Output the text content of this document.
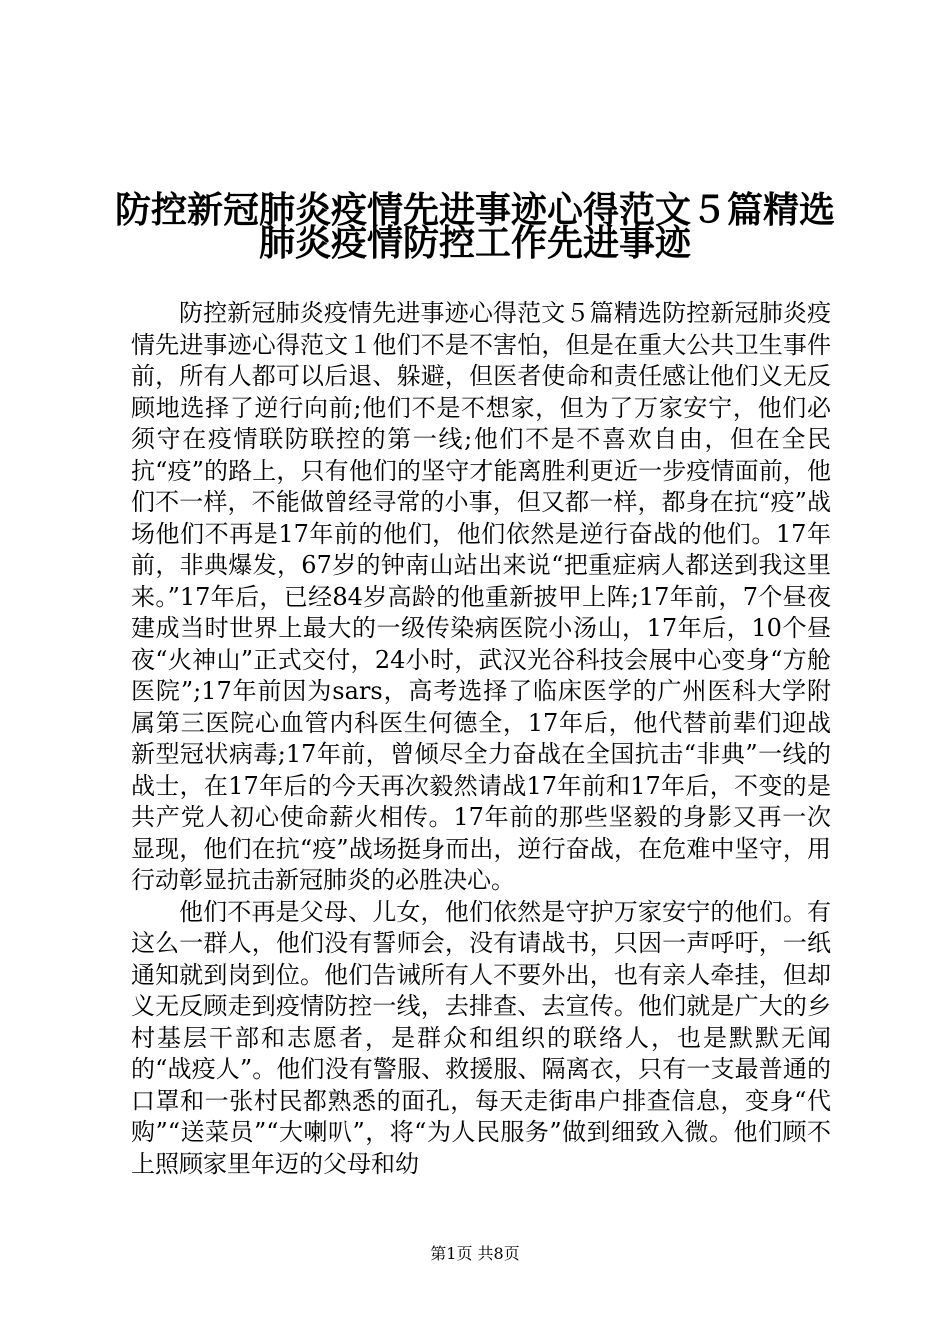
防控新冠肺炎疫情先进事迹心得范文５篇精选
肺炎疫情防控工作先进事迹

防控新冠肺炎疫情先进事迹心得范文５篇精选防控新冠肺炎疫情先进事迹心得范文１他们不是不害怕，但是在重大公共卫生事件前，所有人都可以后退、躲避，但医者使命和责任感让他们义无反顾地选择了逆行向前;他们不是不想家，但为了万家安宁，他们必须守在疫情联防联控的第一线;他们不是不喜欢自由，但在全民抗“疫”的路上，只有他们的坚守才能离胜利更近一步疫情面前，他们不一样，不能做曾经寻常的小事，但又都一样，都身在抗“疫”战场他们不再是17年前的他们，他们依然是逆行奋战的他们。17年前，非典爆发，67岁的钟南山站出来说“把重症病人都送到我这里来。”17年后，已经84岁高龄的他重新披甲上阵;17年前，7个昼夜建成当时世界上最大的一级传染病医院小汤山，17年后，10个昼夜“火神山”正式交付，24小时，武汉光谷科技会展中心变身“方舱医院”;17年前因为sars，高考选择了临床医学的广州医科大学附属第三医院心血管内科医生何德全，17年后，他代替前辈们迎战新型冠状病毒;17年前，曾倾尽全力奋战在全国抗击“非典”一线的战士，在17年后的今天再次毅然请战17年前和17年后，不变的是共产党人初心使命薪火相传。17年前的那些坚毅的身影又再一次显现，他们在抗“疫”战场挺身而出，逆行奋战，在危难中坚守，用行动彰显抗击新冠肺炎的必胜决心。

他们不再是父母、儿女，他们依然是守护万家安宁的他们。有这么一群人，他们没有誓师会，没有请战书，只因一声呼吁，一纸通知就到岗到位。他们告诫所有人不要外出，也有亲人牵挂，但却义无反顾走到疫情防控一线，去排查、去宣传。他们就是广大的乡村基层干部和志愿者，是群众和组织的联络人，也是默默无闻的“战疫人”。他们没有警服、救援服、隔离衣，只有一支最普通的口罩和一张村民都熟悉的面孔，每天走街串户排查信息，变身“代购”“送菜员”“大喇叭”，将“为人民服务”做到细致入微。他们顾不上照顾家里年迈的父母和幼

第1页 共8页
